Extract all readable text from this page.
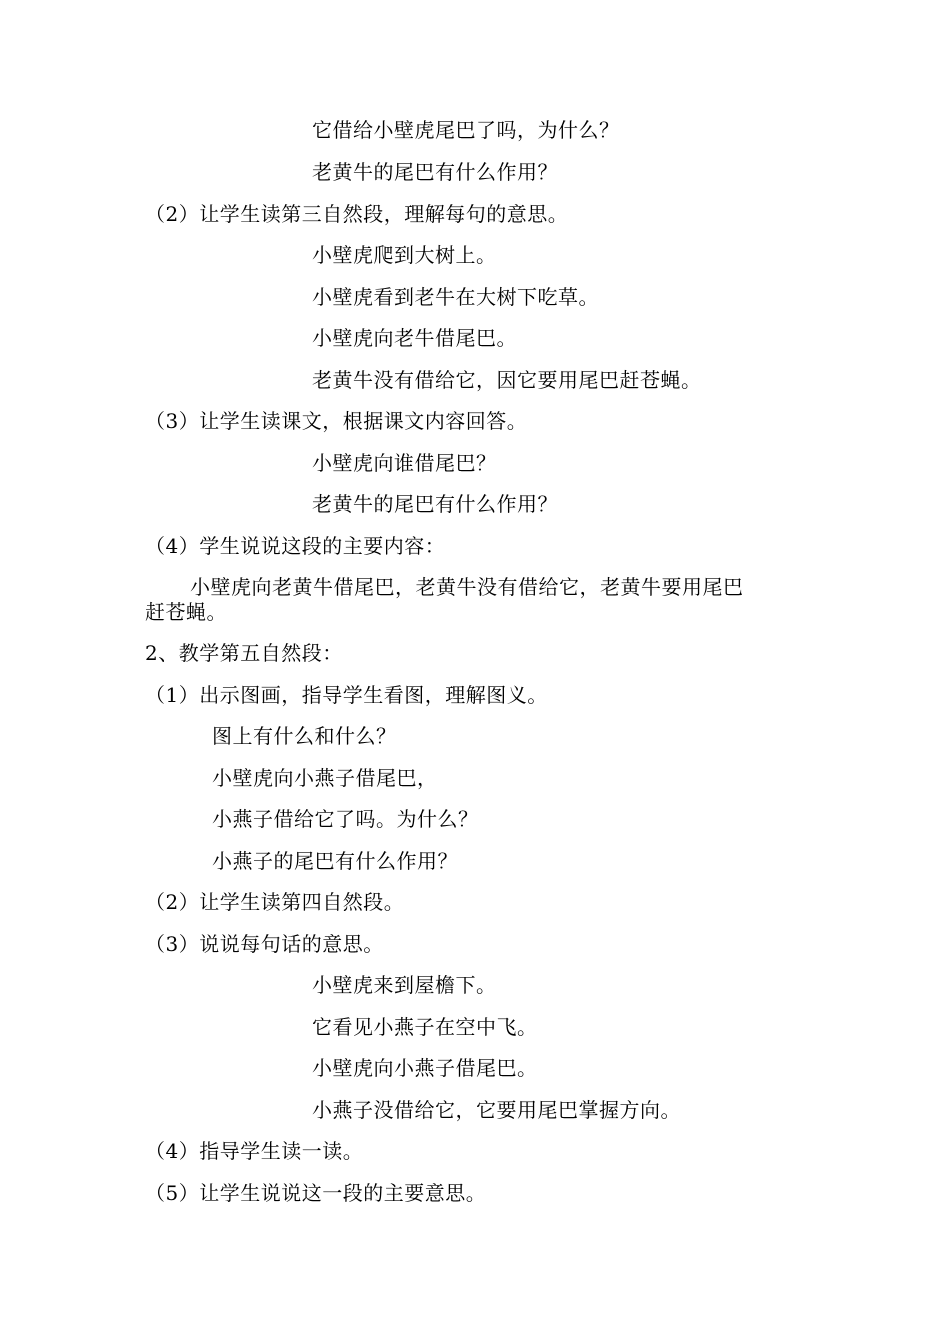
它借给小壁虎尾巴了吗，为什么？
老黄牛的尾巴有什么作用？
（2）让学生读第三自然段，理解每句的意思。
小壁虎爬到大树上。
小壁虎看到老牛在大树下吃草。
小壁虎向老牛借尾巴。
老黄牛没有借给它，因它要用尾巴赶苍蝇。
（3）让学生读课文，根据课文内容回答。
小壁虎向谁借尾巴？
老黄牛的尾巴有什么作用？
（4）学生说说这段的主要内容：
小壁虎向老黄牛借尾巴，老黄牛没有借给它，老黄牛要用尾巴
赶苍蝇。
2、教学第五自然段：
（1）出示图画，指导学生看图，理解图义。
图上有什么和什么？
小壁虎向小燕子借尾巴，
小燕子借给它了吗。为什么？
小燕子的尾巴有什么作用？
（2）让学生读第四自然段。
（3）说说每句话的意思。
小壁虎来到屋檐下。
它看见小燕子在空中飞。
小壁虎向小燕子借尾巴。
小燕子没借给它，它要用尾巴掌握方向。
（4）指导学生读一读。
（5）让学生说说这一段的主要意思。
